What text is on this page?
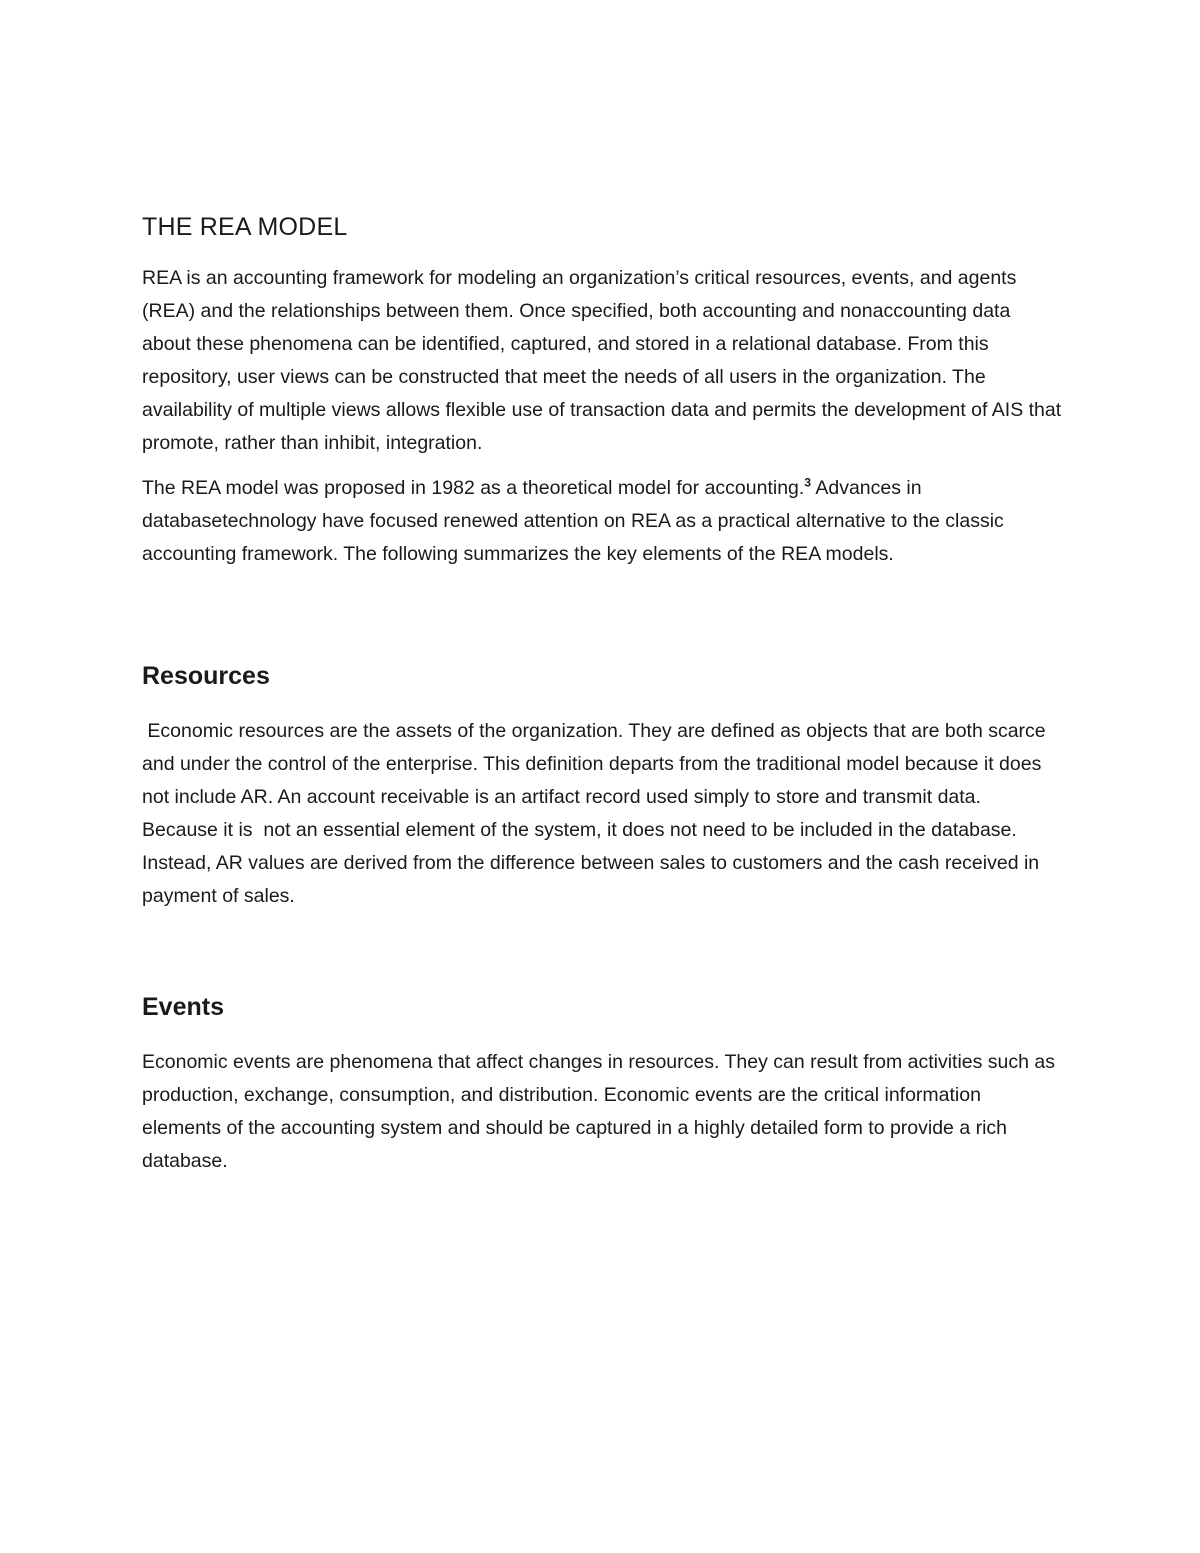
THE REA MODEL

REA is an accounting framework for modeling an organization’s critical resources, events, and agents (REA) and the relationships between them. Once specified, both accounting and nonaccounting data about these phenomena can be identified, captured, and stored in a relational database. From this repository, user views can be constructed that meet the needs of all users in the organization. The availability of multiple views allows flexible use of transaction data and permits the development of AIS that promote, rather than inhibit, integration.

The REA model was proposed in 1982 as a theoretical model for accounting.$^3$ Advances in databasetechnology have focused renewed attention on REA as a practical alternative to the classic accounting framework. The following summarizes the key elements of the REA models.

Resources

Economic resources are the assets of the organization. They are defined as objects that are both scarce and under the control of the enterprise. This definition departs from the traditional model because it does not include AR. An account receivable is an artifact record used simply to store and transmit data. Because it is  not an essential element of the system, it does not need to be included in the database. Instead, AR values are derived from the difference between sales to customers and the cash received in payment of sales.

Events

Economic events are phenomena that affect changes in resources. They can result from activities such as production, exchange, consumption, and distribution. Economic events are the critical information elements of the accounting system and should be captured in a highly detailed form to provide a rich database.
